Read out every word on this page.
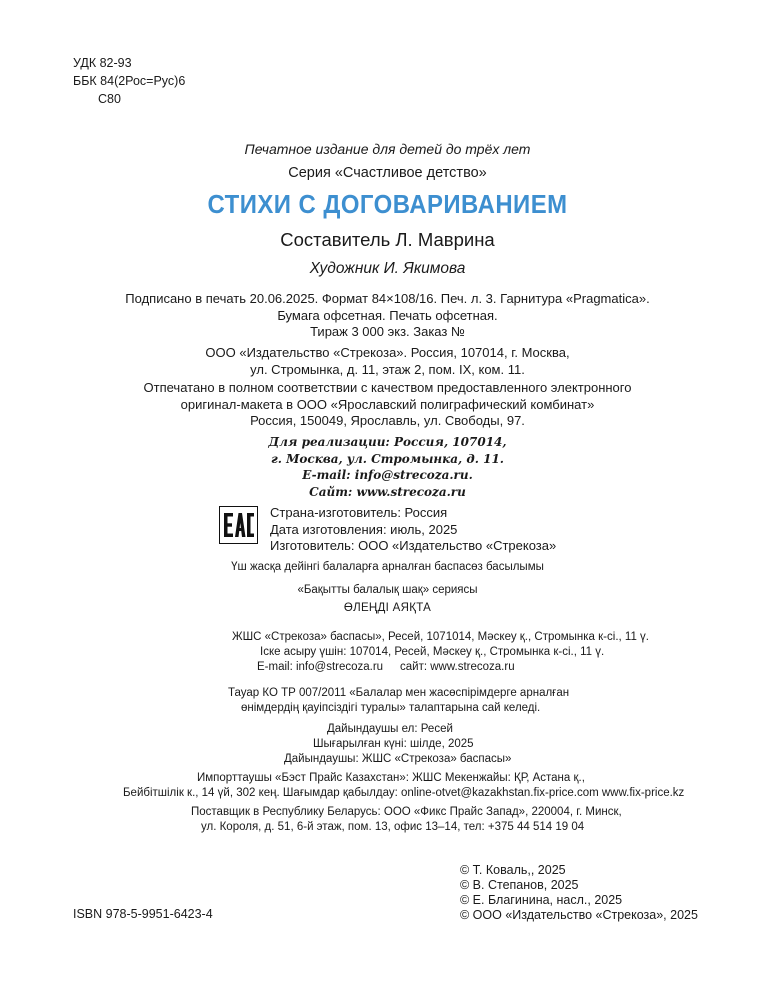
УДК 82-93
ББК 84(2Рос=Рус)6
С80
Печатное издание для детей до трёх лет
Серия «Счастливое детство»
СТИХИ С ДОГОВАРИВАНИЕМ
Составитель Л. Маврина
Художник И. Якимова
Подписано в печать 20.06.2025. Формат 84×108/16. Печ. л. 3. Гарнитура «Pragmatica».
Бумага офсетная. Печать офсетная.
Тираж 3 000 экз. Заказ №
ООО «Издательство «Стрекоза». Россия, 107014, г. Москва,
ул. Стромынка, д. 11, этаж 2, пом. IX, ком. 11.
Отпечатано в полном соответствии с качеством предоставленного электронного
оригинал-макета в ООО «Ярославский полиграфический комбинат»
Россия, 150049, Ярославль, ул. Свободы, 97.
Для реализации: Россия, 107014,
г. Москва, ул. Стромынка, д. 11.
E-mail: info@strecoza.ru.
Сайт: www.strecoza.ru
Страна-изготовитель: Россия
Дата изготовления: июль, 2025
Изготовитель: ООО «Издательство «Стрекоза»
Үш жасқа дейінгі балаларға арналған баспасөз басылымы
«Бақытты балалық шақ» сериясы
ӨЛЕҢДІ АЯҚТА
ЖШС «Стрекоза» баспасы», Ресей, 1071014, Мәскеу қ., Стромынка к-сі., 11 ү.
Іске асыру үшін: 107014, Ресей, Мәскеу қ., Стромынка к-сі., 11 ү.
E-mail: info@strecoza.ru сайт: www.strecoza.ru
Тауар КО ТР 007/2011 «Балалар мен жасөспірімдерге арналған
өнімдердің қауіпсіздігі туралы» талаптарына сай келеді.
Дайындаушы ел: Ресей
Шығарылған күні: шілде, 2025
Дайындаушы: ЖШС «Стрекоза» баспасы»
Импорттаушы «Бэст Прайс Казахстан»: ЖШС Мекенжайы: ҚР, Астана қ.,
Бейбітшілік к., 14 үй, 302 кең. Шағымдар қабылдау: online-otvet@kazakhstan.fix-price.com www.fix-price.kz
Поставщик в Республику Беларусь: ООО «Фикс Прайс Запад», 220004, г. Минск,
ул. Короля, д. 51, 6-й этаж, пом. 13, офис 13–14, тел: +375 44 514 19 04
ISBN 978-5-9951-6423-4
© Т. Коваль,, 2025
© В. Степанов, 2025
© Е. Благинина, насл., 2025
© ООО «Издательство «Стрекоза», 2025
